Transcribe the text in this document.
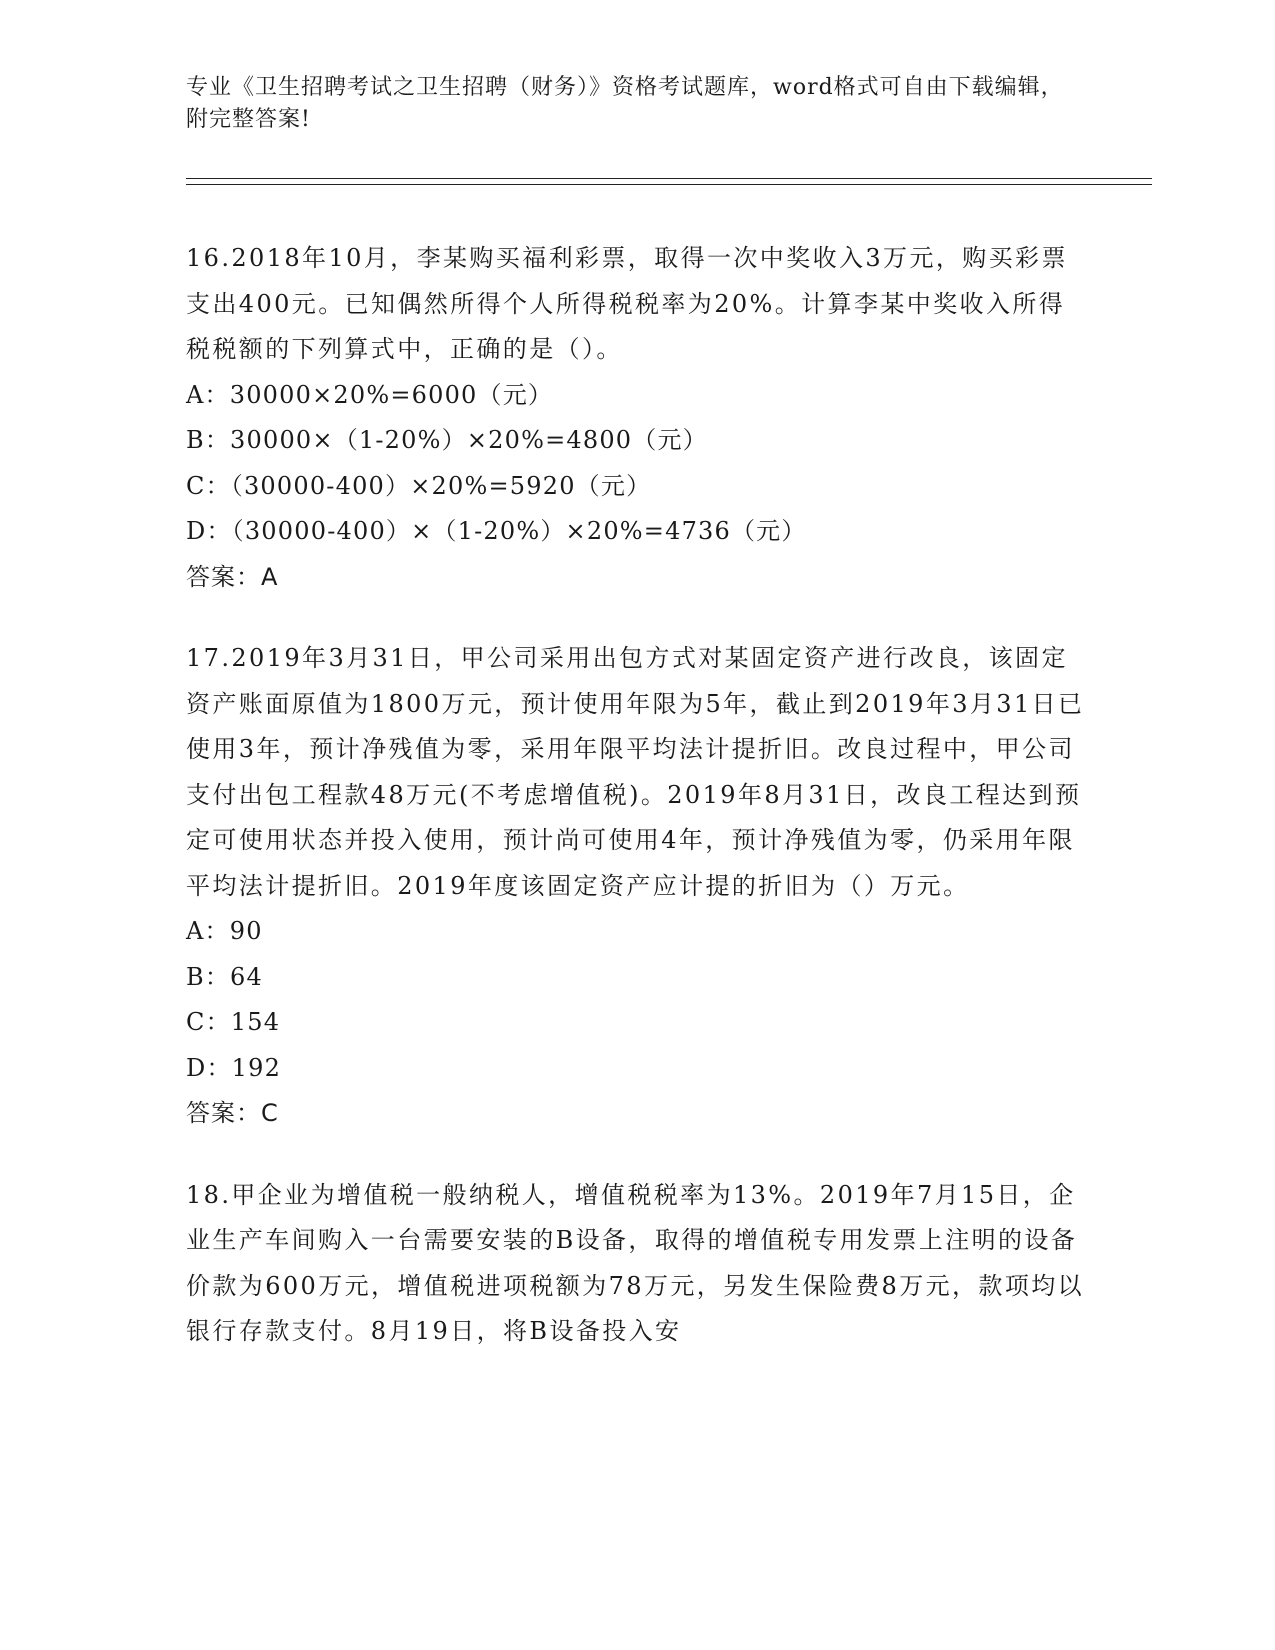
专业《卫生招聘考试之卫生招聘（财务）》资格考试题库，word格式可自由下载编辑，附完整答案!
16.2018年10月，李某购买福利彩票，取得一次中奖收入3万元，购买彩票支出400元。已知偶然所得个人所得税税率为20%。计算李某中奖收入所得税税额的下列算式中，正确的是（）。
A：30000×20%=6000（元）
B：30000×（1-20%）×20%=4800（元）
C：（30000-400）×20%=5920（元）
D：（30000-400）×（1-20%）×20%=4736（元）
答案：A
17.2019年3月31日，甲公司采用出包方式对某固定资产进行改良，该固定资产账面原值为1800万元，预计使用年限为5年，截止到2019年3月31日已使用3年，预计净残值为零，采用年限平均法计提折旧。改良过程中，甲公司支付出包工程款48万元(不考虑增值税)。2019年8月31日，改良工程达到预定可使用状态并投入使用，预计尚可使用4年，预计净残值为零，仍采用年限平均法计提折旧。2019年度该固定资产应计提的折旧为（）万元。
A：90
B：64
C：154
D：192
答案：C
18.甲企业为增值税一般纳税人，增值税税率为13%。2019年7月15日，企业生产车间购入一台需要安装的B设备，取得的增值税专用发票上注明的设备价款为600万元，增值税进项税额为78万元，另发生保险费8万元，款项均以银行存款支付。8月19日，将B设备投入安
